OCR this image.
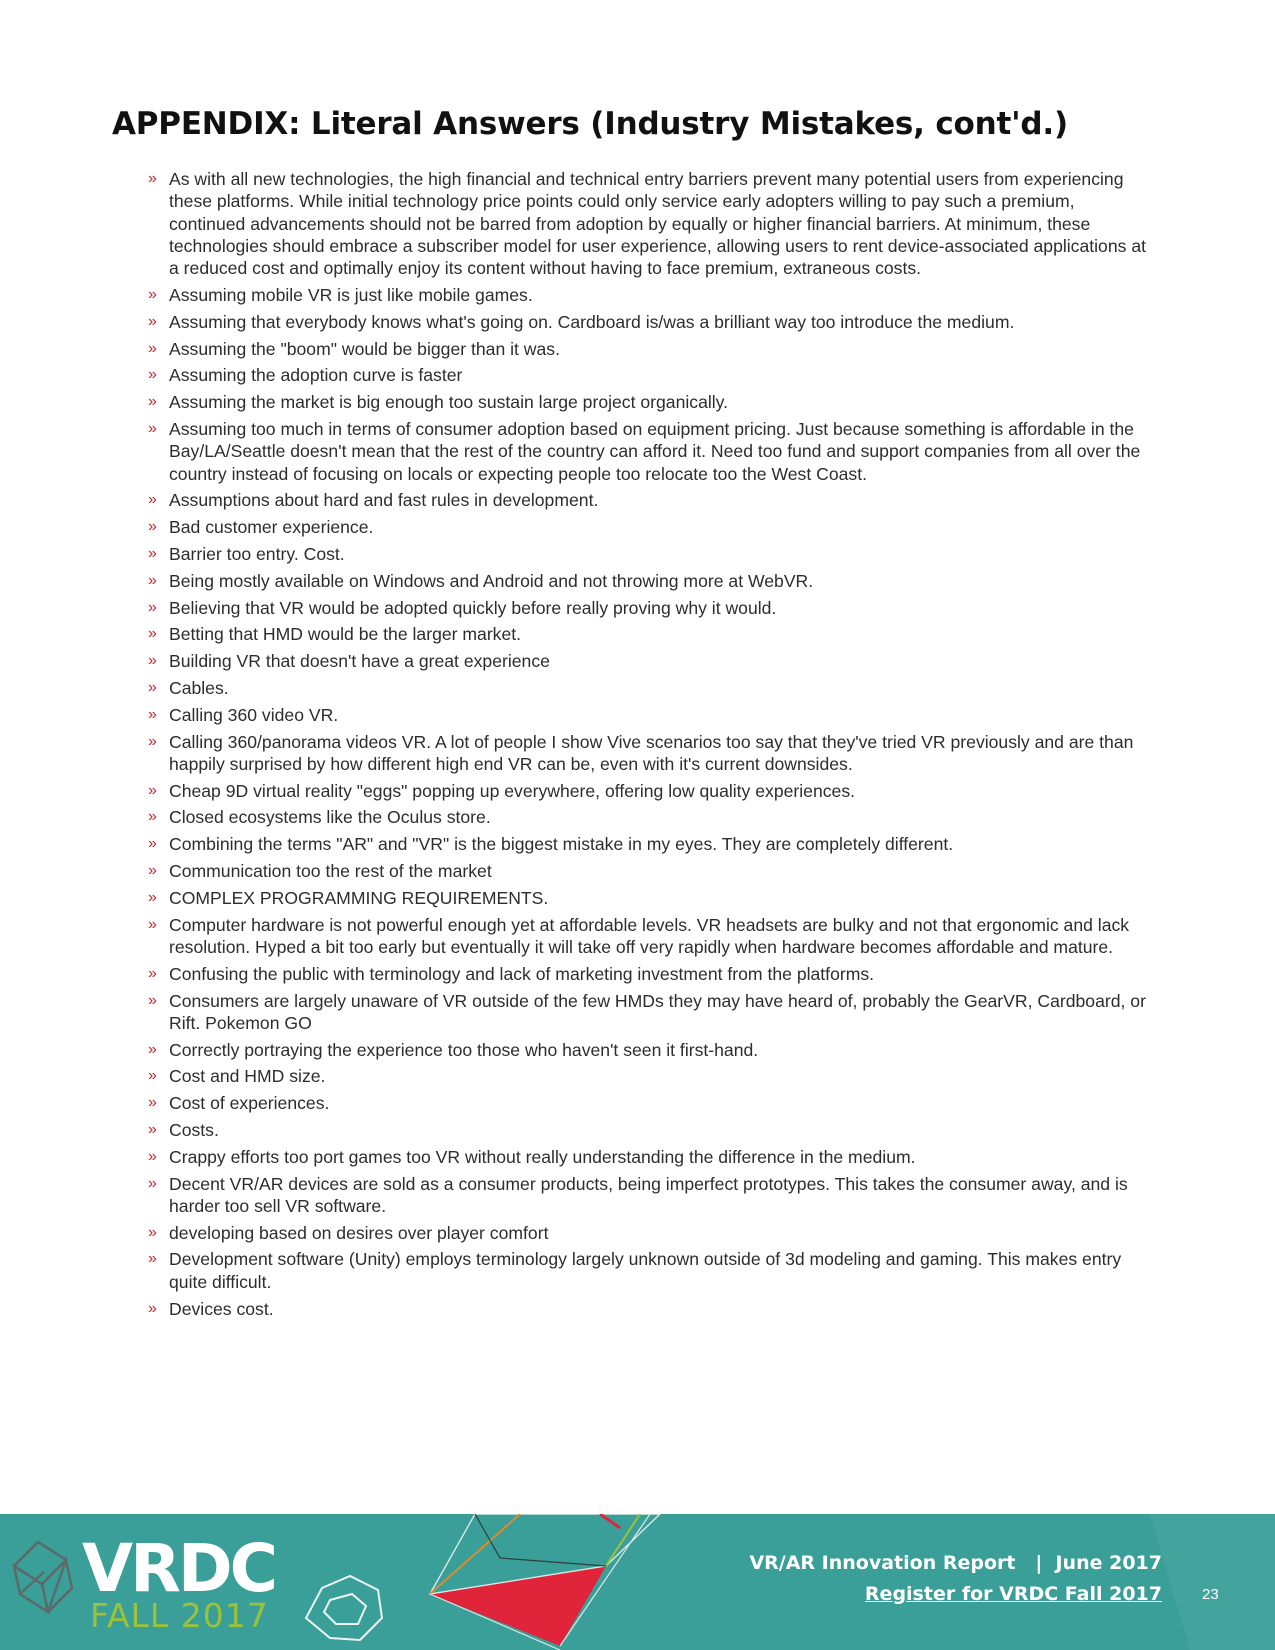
APPENDIX: Literal Answers (Industry Mistakes, cont'd.)
» As with all new technologies, the high financial and technical entry barriers prevent many potential users from experiencing these platforms. While initial technology price points could only service early adopters willing to pay such a premium, continued advancements should not be barred from adoption by equally or higher financial barriers. At minimum, these technologies should embrace a subscriber model for user experience, allowing users to rent device-associated applications at a reduced cost and optimally enjoy its content without having to face premium, extraneous costs.
» Assuming mobile VR is just like mobile games.
» Assuming that everybody knows what's going on. Cardboard is/was a brilliant way too introduce the medium.
» Assuming the "boom" would be bigger than it was.
» Assuming the adoption curve is faster
» Assuming the market is big enough too sustain large project organically.
» Assuming too much in terms of consumer adoption based on equipment pricing. Just because something is affordable in the Bay/LA/Seattle doesn't mean that the rest of the country can afford it. Need too fund and support companies from all over the country instead of focusing on locals or expecting people too relocate too the West Coast.
» Assumptions about hard and fast rules in development.
» Bad customer experience.
» Barrier too entry. Cost.
» Being mostly available on Windows and Android and not throwing more at WebVR.
» Believing that VR would be adopted quickly before really proving why it would.
» Betting that HMD would be the larger market.
» Building VR that doesn't have a great experience
» Cables.
» Calling 360 video VR.
» Calling 360/panorama videos VR. A lot of people I show Vive scenarios too say that they've tried VR previously and are than happily surprised by how different high end VR can be, even with it's current downsides.
» Cheap 9D virtual reality "eggs" popping up everywhere, offering low quality experiences.
» Closed ecosystems like the Oculus store.
» Combining the terms "AR" and "VR" is the biggest mistake in my eyes. They are completely different.
» Communication too the rest of the market
» COMPLEX PROGRAMMING REQUIREMENTS.
» Computer hardware is not powerful enough yet at affordable levels. VR headsets are bulky and not that ergonomic and lack resolution. Hyped a bit too early but eventually it will take off very rapidly when hardware becomes affordable and mature.
» Confusing the public with terminology and lack of marketing investment from the platforms.
» Consumers are largely unaware of VR outside of the few HMDs they may have heard of, probably the GearVR, Cardboard, or Rift. Pokemon GO
» Correctly portraying the experience too those who haven't seen it first-hand.
» Cost and HMD size.
» Cost of experiences.
» Costs.
» Crappy efforts too port games too VR without really understanding the difference in the medium.
» Decent VR/AR devices are sold as a consumer products, being imperfect prototypes. This takes the consumer away, and is harder too sell VR software.
» developing based on desires over player comfort
» Development software (Unity) employs terminology largely unknown outside of 3d modeling and gaming. This makes entry quite difficult.
» Devices cost.
VRDC
FALL 2017
VR/AR Innovation Report   |  June 2017
Register for VRDC Fall 2017	23
